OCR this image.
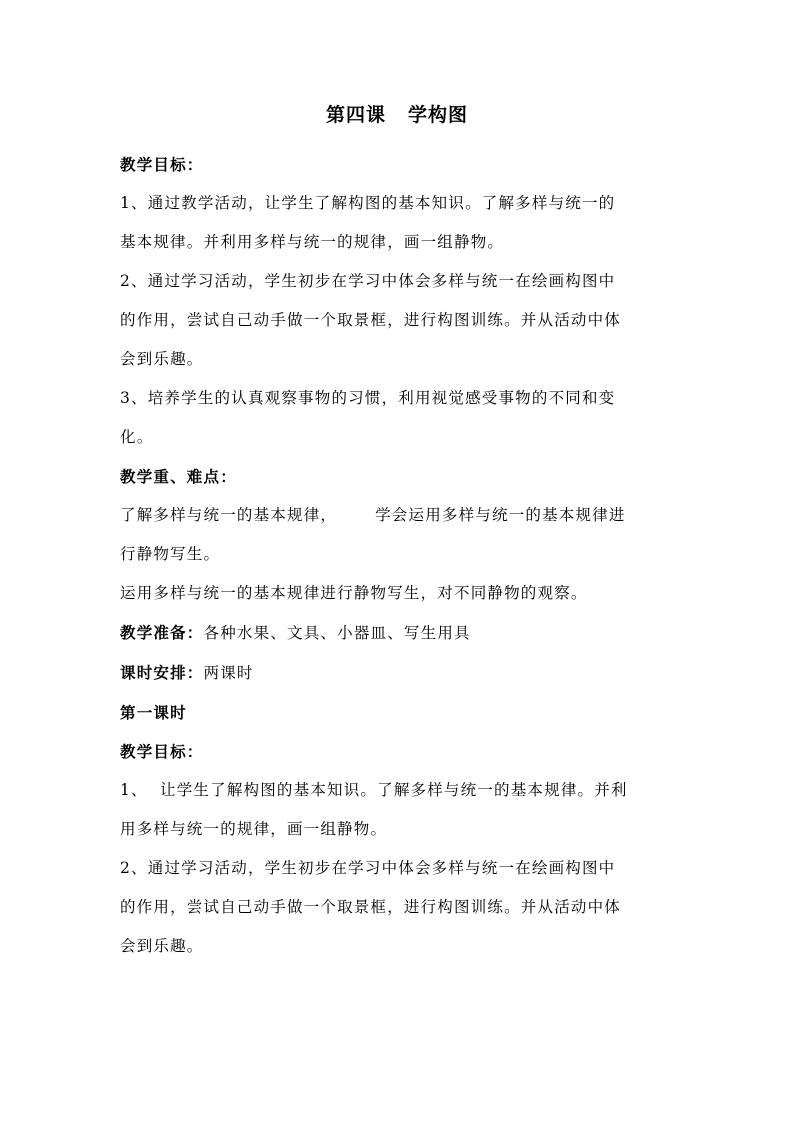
第四课 学构图
教学目标：
1、通过教学活动，让学生了解构图的基本知识。了解多样与统一的
基本规律。并利用多样与统一的规律，画一组静物。
2、通过学习活动，学生初步在学习中体会多样与统一在绘画构图中
的作用，尝试自己动手做一个取景框，进行构图训练。并从活动中体
会到乐趣。
3、培养学生的认真观察事物的习惯，利用视觉感受事物的不同和变
化。
教学重、难点：
了解多样与统一的基本规律， 学会运用多样与统一的基本规律进
行静物写生。
运用多样与统一的基本规律进行静物写生，对不同静物的观察。
教学准备：各种水果、文具、小器皿、写生用具
课时安排：两课时
第一课时
教学目标：
1、  让学生了解构图的基本知识。了解多样与统一的基本规律。并利
用多样与统一的规律，画一组静物。
2、通过学习活动，学生初步在学习中体会多样与统一在绘画构图中
的作用，尝试自己动手做一个取景框，进行构图训练。并从活动中体
会到乐趣。
